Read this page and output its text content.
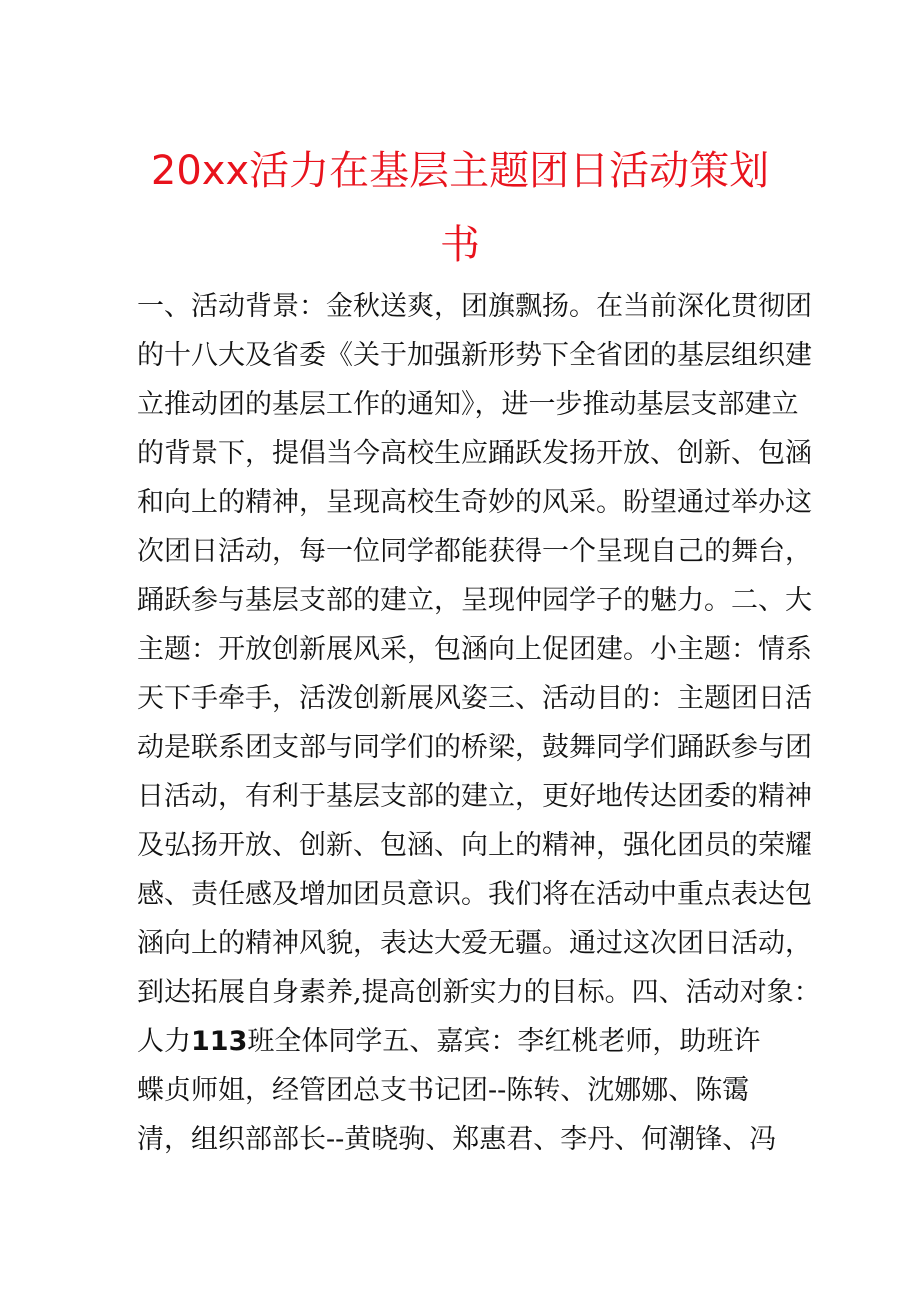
20xx活力在基层主题团日活动策划
书
一、活动背景：金秋送爽，团旗飘扬。在当前深化贯彻团
的十八大及省委《关于加强新形势下全省团的基层组织建
立推动团的基层工作的通知》，进一步推动基层支部建立
的背景下，提倡当今高校生应踊跃发扬开放、创新、包涵
和向上的精神，呈现高校生奇妙的风采。盼望通过举办这
次团日活动，每一位同学都能获得一个呈现自己的舞台，
踊跃参与基层支部的建立，呈现仲园学子的魅力。二、大
主题：开放创新展风采，包涵向上促团建。小主题：情系
天下手牵手，活泼创新展风姿三、活动目的：主题团日活
动是联系团支部与同学们的桥梁，鼓舞同学们踊跃参与团
日活动，有利于基层支部的建立，更好地传达团委的精神
及弘扬开放、创新、包涵、向上的精神，强化团员的荣耀
感、责任感及增加团员意识。我们将在活动中重点表达包
涵向上的精神风貌，表达大爱无疆。通过这次团日活动，
到达拓展自身素养,提高创新实力的目标。四、活动对象：
人力113班全体同学五、嘉宾：李红桃老师，助班许
蝶贞师姐，经管团总支书记团--陈转、沈娜娜、陈霭
清，组织部部长--黄晓驹、郑惠君、李丹、何潮锋、冯
